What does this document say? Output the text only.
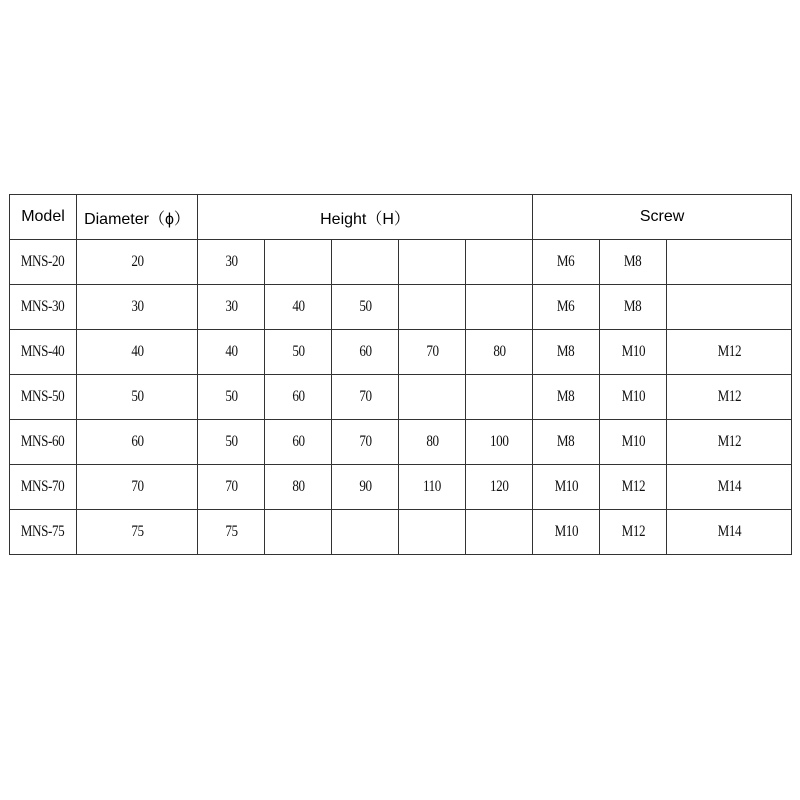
Model	Diameter（ϕ）	Height（H）					Screw		
MNS-20	20	30					M6	M8	
MNS-30	30	30	40	50			M6	M8	
MNS-40	40	40	50	60	70	80	M8	M10	M12
MNS-50	50	50	60	70			M8	M10	M12
MNS-60	60	50	60	70	80	100	M8	M10	M12
MNS-70	70	70	80	90	110	120	M10	M12	M14
MNS-75	75	75					M10	M12	M14
